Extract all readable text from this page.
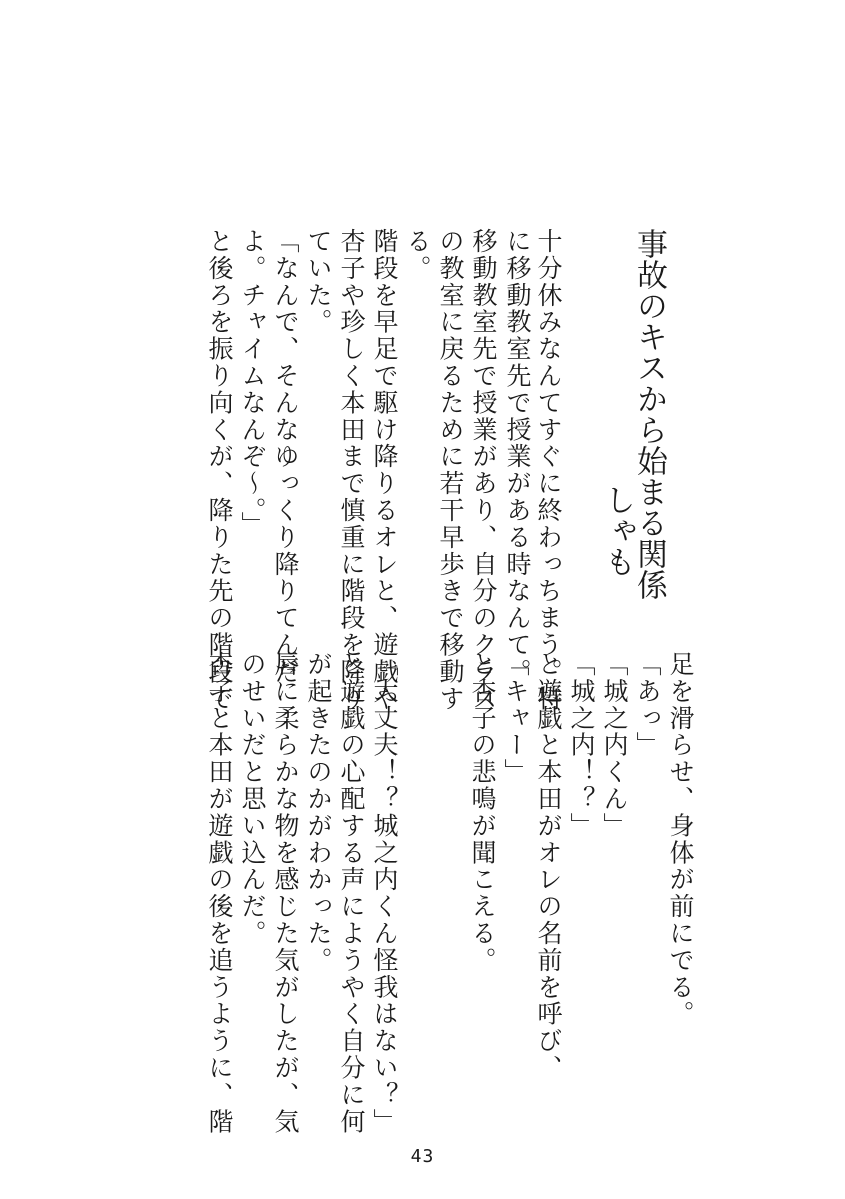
事故のキスから始まる関係
しゃも
十分休みなんてすぐに終わっちまう。特
に移動教室先で授業がある時なんて。
移動教室先で授業があり、自分のクラス
の教室に戻るために若干早歩きで移動す
る。
階段を早足で駆け降りるオレと、遊戯や
杏子や珍しく本田まで慎重に階段を降り
ていた。
「なんで、そんなゆっくり降りてんだ
よ。チャイムなんぞ～。」
と後ろを振り向くが、降りた先の階段で
足を滑らせ、身体が前にでる。
「あっ」
「城之内くん」
「城之内！？」
と遊戯と本田がオレの名前を呼び、
「キャー」
と杏子の悲鳴が聞こえる。
「大丈夫！？城之内くん怪我はない？」
と遊戯の心配する声にようやく自分に何
が起きたのかがわかった。
唇に柔らかな物を感じた気がしたが、気
のせいだと思い込んだ。
杏子と本田が遊戯の後を追うように、階
43
